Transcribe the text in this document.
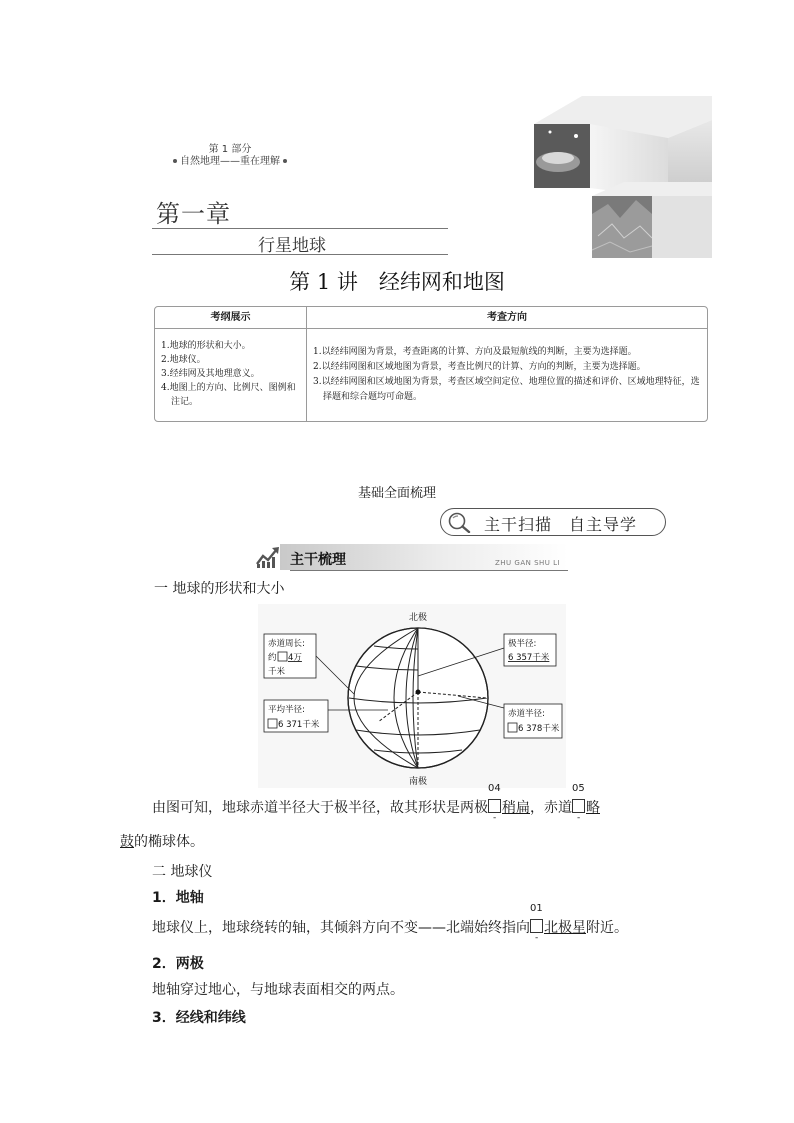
第 1 部分
自然地理——重在理解
第一章
行星地球
第 1 讲　经纬网和地图
考纲展示	考查方向
1.地球的形状和大小。
2.地球仪。
3.经纬网及其地理意义。
4.地图上的方向、比例尺、图例和注记。
1.以经纬网图为背景，考查距离的计算、方向及最短航线的判断，主要为选择题。
2.以经纬网图和区域地图为背景，考查比例尺的计算、方向的判断，主要为选择题。
3.以经纬网图和区域地图为背景，考查区域空间定位、地理位置的描述和评价、区域地理特征，选择题和综合题均可命题。
基础全面梳理
主干扫描　自主导学
主干梳理	ZHU GAN SHU LI
一 地球的形状和大小
北极
南极
赤道周长:
约 4万
千米
平均半径:
6 371千米
极半径:
6 357千米
赤道半径:
6 378千米
由图可知，地球赤道半径大于极半径，故其形状是两极
04
稍扁
-
，赤道
05
略
-
鼓的椭球体。
二 地球仪
1．地轴
地球仪上，地球绕转的轴，其倾斜方向不变——北端始终指向
01
北极星
-
附近。
2．两极
地轴穿过地心，与地球表面相交的两点。
3．经线和纬线
